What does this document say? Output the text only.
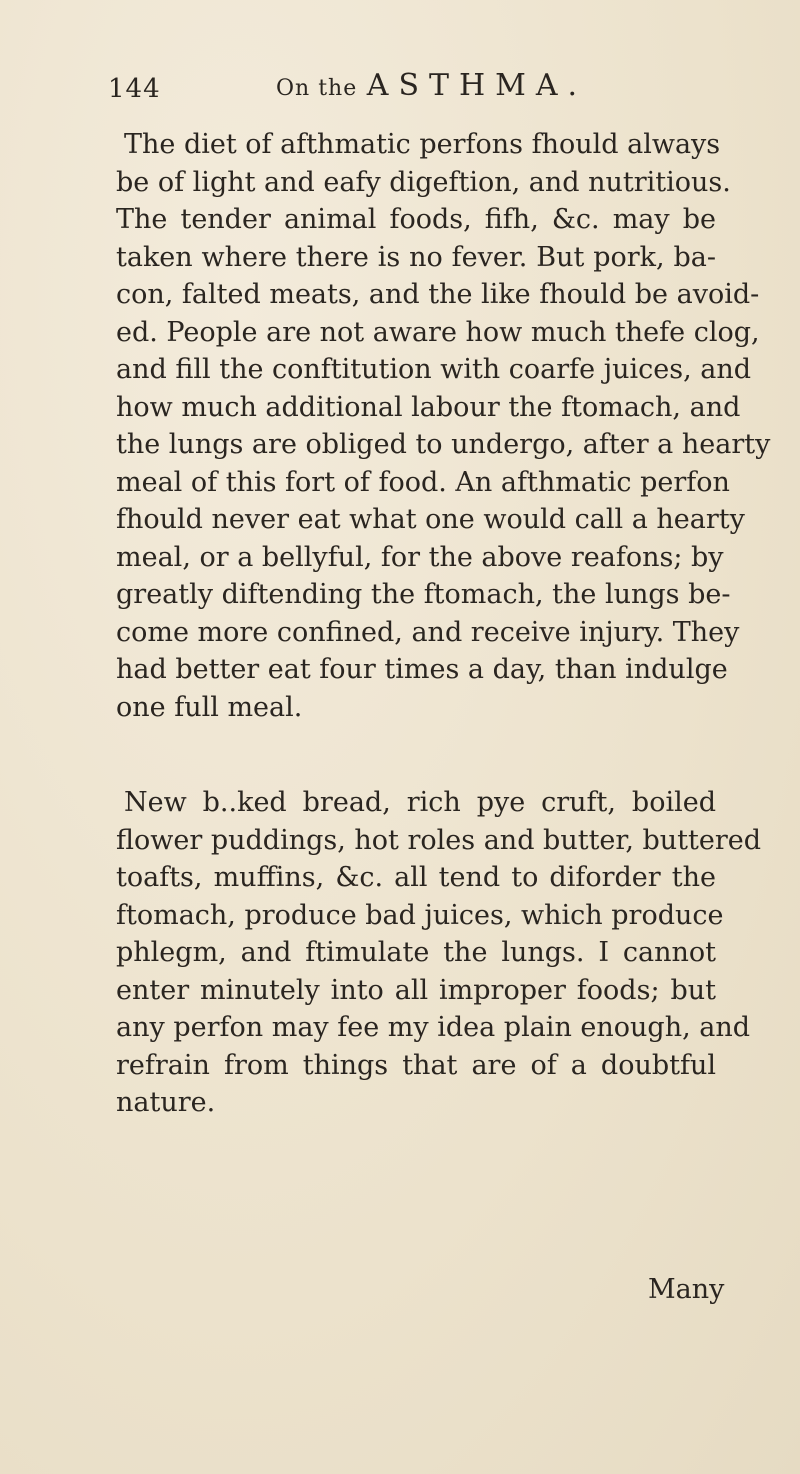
144	On the ASTHMA.
The diet of afthmatic perfons fhould always
be of light and eafy digeftion, and nutritious.
The tender animal foods, fifh, &c. may be
taken where there is no fever. But pork, ba-
con, falted meats, and the like fhould be avoid-
ed. People are not aware how much thefe clog,
and fill the conftitution with coarfe juices, and
how much additional labour the ftomach, and
the lungs are obliged to undergo, after a hearty
meal of this fort of food. An afthmatic perfon
fhould never eat what one would call a hearty
meal, or a bellyful, for the above reafons; by
greatly diftending the ftomach, the lungs be-
come more confined, and receive injury. They
had better eat four times a day, than indulge
one full meal.
New b..ked bread, rich pye cruft, boiled
flower puddings, hot roles and butter, buttered
toafts, muffins, &c. all tend to diforder the
ftomach, produce bad juices, which produce
phlegm, and ftimulate the lungs. I cannot
enter minutely into all improper foods; but
any perfon may fee my idea plain enough, and
refrain from things that are of a doubtful
nature.
Many
